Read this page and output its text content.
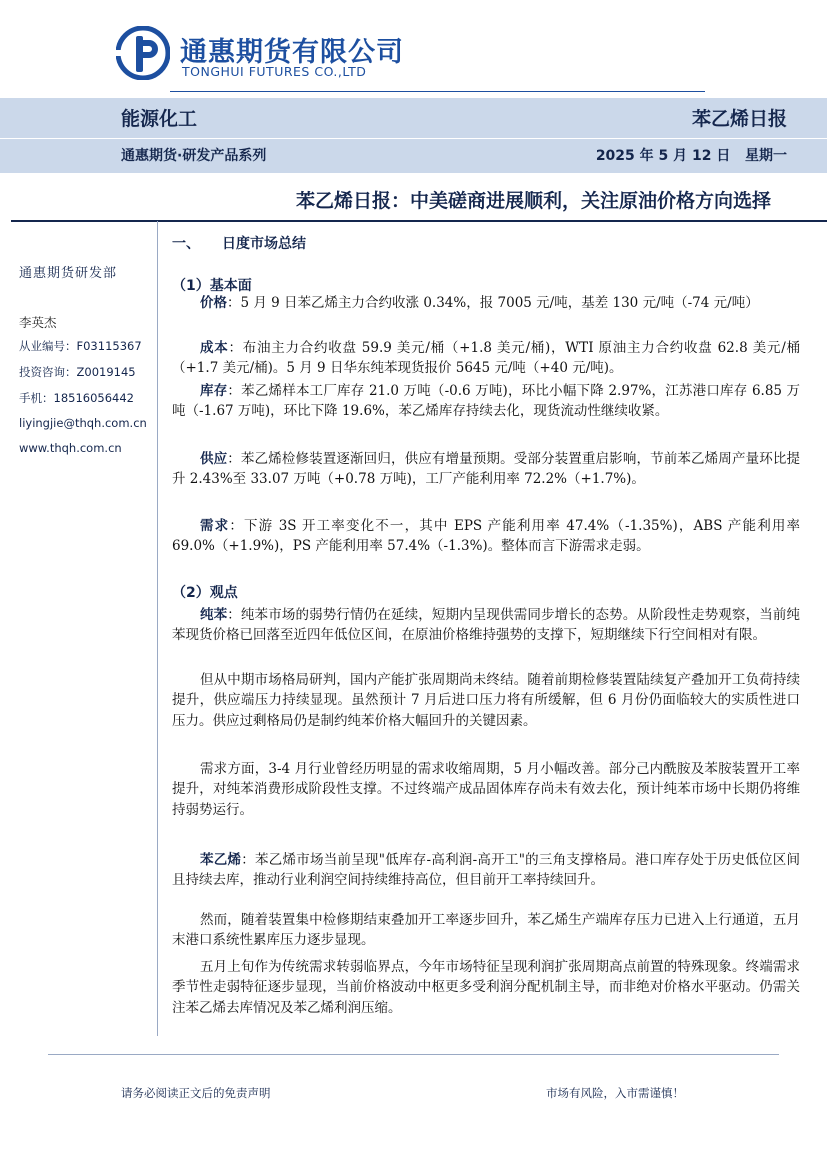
通惠期货有限公司
TONGHUI FUTURES CO.,LTD
能源化工	苯乙烯日报
通惠期货·研发产品系列	2025 年 5 月 12 日   星期一
苯乙烯日报：中美磋商进展顺利，关注原油价格方向选择
通惠期货研发部
李英杰
从业编号：F03115367
投资咨询：Z0019145
手机：18516056442
liyingjie@thqh.com.cn
www.thqh.com.cn
一、 日度市场总结
（1）基本面

价格：5 月 9 日苯乙烯主力合约收涨 0.34%，报 7005 元/吨，基差 130 元/吨（-74 元/吨）

成本：布油主力合约收盘 59.9 美元/桶（+1.8 美元/桶)，WTI 原油主力合约收盘 62.8 美元/桶（+1.7 美元/桶)。5 月 9 日华东纯苯现货报价 5645 元/吨（+40 元/吨)。

库存：苯乙烯样本工厂库存 21.0 万吨（-0.6 万吨)，环比小幅下降 2.97%，江苏港口库存 6.85 万吨（-1.67 万吨)，环比下降 19.6%，苯乙烯库存持续去化，现货流动性继续收紧。

供应：苯乙烯检修装置逐渐回归，供应有增量预期。受部分装置重启影响，节前苯乙烯周产量环比提升 2.43%至 33.07 万吨（+0.78 万吨)，工厂产能利用率 72.2%（+1.7%)。

需求：下游 3S 开工率变化不一，其中 EPS 产能利用率 47.4%（-1.35%)，ABS 产能利用率 69.0%（+1.9%)，PS 产能利用率 57.4%（-1.3%)。整体而言下游需求走弱。

（2）观点

纯苯：纯苯市场的弱势行情仍在延续，短期内呈现供需同步增长的态势。从阶段性走势观察，当前纯苯现货价格已回落至近四年低位区间，在原油价格维持强势的支撑下，短期继续下行空间相对有限。

但从中期市场格局研判，国内产能扩张周期尚未终结。随着前期检修装置陆续复产叠加开工负荷持续提升，供应端压力持续显现。虽然预计 7 月后进口压力将有所缓解，但 6 月份仍面临较大的实质性进口压力。供应过剩格局仍是制约纯苯价格大幅回升的关键因素。

需求方面，3-4 月行业曾经历明显的需求收缩周期，5 月小幅改善。部分己内酰胺及苯胺装置开工率提升，对纯苯消费形成阶段性支撑。不过终端产成品固体库存尚未有效去化，预计纯苯市场中长期仍将维持弱势运行。

苯乙烯：苯乙烯市场当前呈现"低库存-高利润-高开工"的三角支撑格局。港口库存处于历史低位区间且持续去库，推动行业利润空间持续维持高位，但目前开工率持续回升。

然而，随着装置集中检修期结束叠加开工率逐步回升，苯乙烯生产端库存压力已进入上行通道，五月末港口系统性累库压力逐步显现。

五月上旬作为传统需求转弱临界点，今年市场特征呈现利润扩张周期高点前置的特殊现象。终端需求季节性走弱特征逐步显现，当前价格波动中枢更多受利润分配机制主导，而非绝对价格水平驱动。仍需关注苯乙烯去库情况及苯乙烯利润压缩。

请务必阅读正文后的免责声明	市场有风险，入市需谨慎！
